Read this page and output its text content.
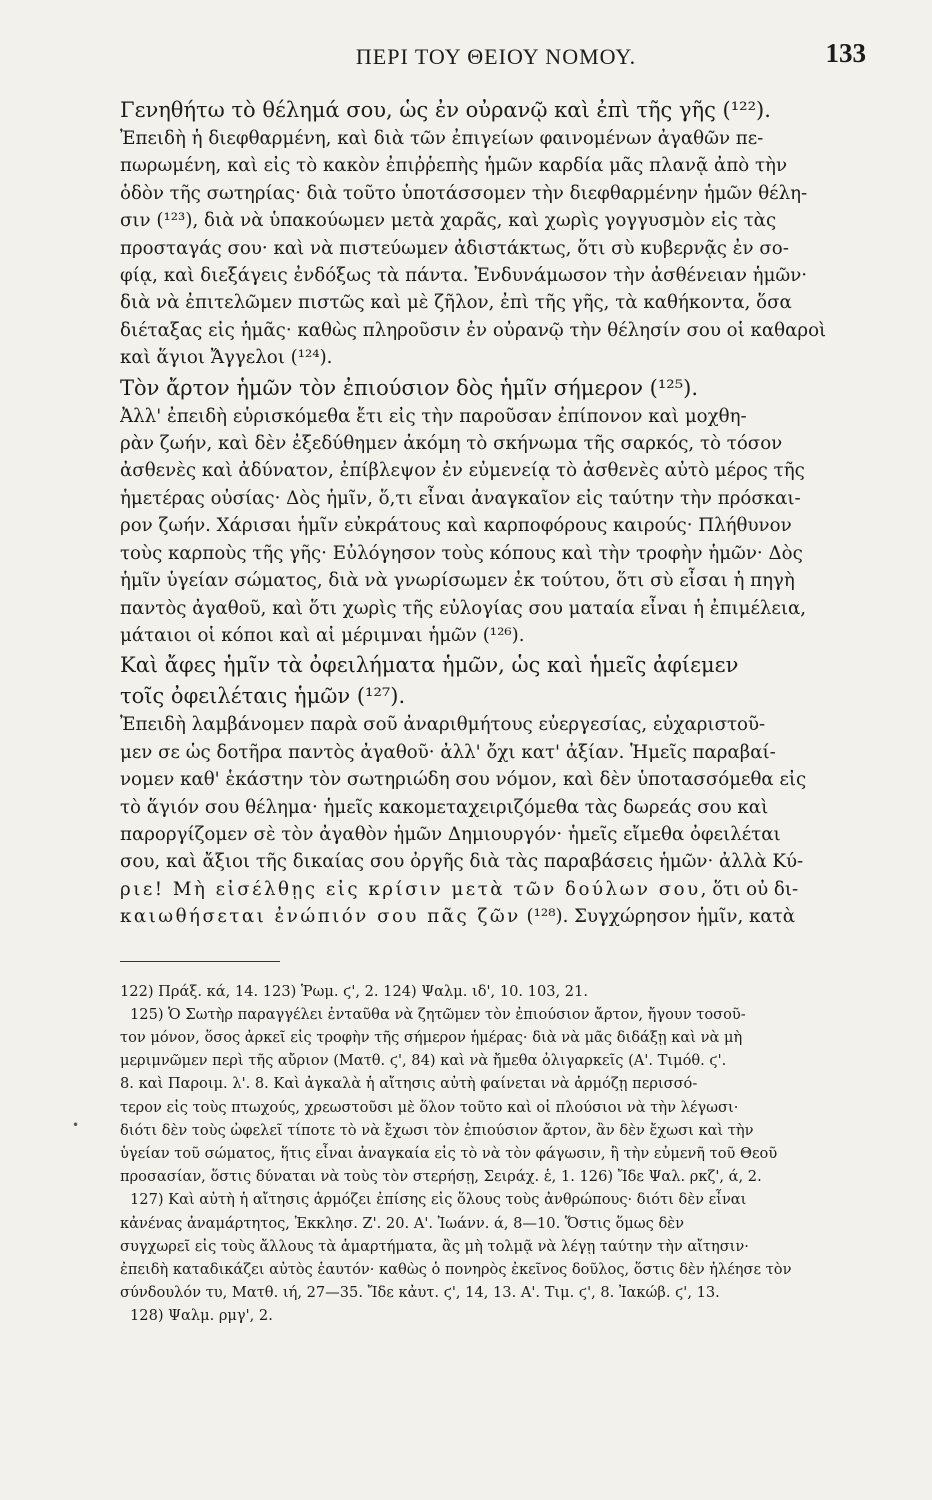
ΠΕΡΙ ΤΟΥ ΘΕΙΟΥ ΝΟΜΟΥ.	133
Γενηθήτω τὸ θέλημά σου, ὡς ἐν οὐρανῷ καὶ ἐπὶ τῆς γῆς (¹²²).
Ἐπειδὴ ἡ διεφθαρμένη, καὶ διὰ τῶν ἐπιγείων φαινομένων ἀγαθῶν πε-
πωρωμένη, καὶ εἰς τὸ κακὸν ἐπιῤῥεπὴς ἡμῶν καρδία μᾶς πλανᾷ ἀπὸ τὴν
ὁδὸν τῆς σωτηρίας· διὰ τοῦτο ὑποτάσσομεν τὴν διεφθαρμένην ἡμῶν θέλη-
σιν (¹²³), διὰ νὰ ὑπακούωμεν μετὰ χαρᾶς, καὶ χωρὶς γογγυσμὸν εἰς τὰς
προσταγάς σου· καὶ νὰ πιστεύωμεν ἀδιστάκτως, ὅτι σὺ κυβερνᾷς ἐν σο-
φίᾳ, καὶ διεξάγεις ἐνδόξως τὰ πάντα. Ἐνδυνάμωσον τὴν ἀσθένειαν ἡμῶν·
διὰ νὰ ἐπιτελῶμεν πιστῶς καὶ μὲ ζῆλον, ἐπὶ τῆς γῆς, τὰ καθήκοντα, ὅσα
διέταξας εἰς ἡμᾶς· καθὼς πληροῦσιν ἐν οὐρανῷ τὴν θέλησίν σου οἱ καθαροὶ
καὶ ἅγιοι Ἄγγελοι (¹²⁴).
Τὸν ἄρτον ἡμῶν τὸν ἐπιούσιον δὸς ἡμῖν σήμερον (¹²⁵).
Ἀλλ' ἐπειδὴ εὑρισκόμεθα ἔτι εἰς τὴν παροῦσαν ἐπίπονον καὶ μοχθη-
ρὰν ζωήν, καὶ δὲν ἐξεδύθημεν ἀκόμη τὸ σκήνωμα τῆς σαρκός, τὸ τόσον
ἀσθενὲς καὶ ἀδύνατον, ἐπίβλεψον ἐν εὐμενείᾳ τὸ ἀσθενὲς αὐτὸ μέρος τῆς
ἡμετέρας οὐσίας· Δὸς ἡμῖν, ὅ,τι εἶναι ἀναγκαῖον εἰς ταύτην τὴν πρόσκαι-
ρον ζωήν. Χάρισαι ἡμῖν εὐκράτους καὶ καρποφόρους καιρούς· Πλήθυνον
τοὺς καρποὺς τῆς γῆς· Εὐλόγησον τοὺς κόπους καὶ τὴν τροφὴν ἡμῶν· Δὸς
ἡμῖν ὑγείαν σώματος, διὰ νὰ γνωρίσωμεν ἐκ τούτου, ὅτι σὺ εἶσαι ἡ πηγὴ
παντὸς ἀγαθοῦ, καὶ ὅτι χωρὶς τῆς εὐλογίας σου ματαία εἶναι ἡ ἐπιμέλεια,
μάταιοι οἱ κόποι καὶ αἱ μέριμναι ἡμῶν (¹²⁶).
Καὶ ἄφες ἡμῖν τὰ ὀφειλήματα ἡμῶν, ὡς καὶ ἡμεῖς ἀφίεμεν
τοῖς ὀφειλέταις ἡμῶν (¹²⁷).
Ἐπειδὴ λαμβάνομεν παρὰ σοῦ ἀναριθμήτους εὐεργεσίας, εὐχαριστοῦ-
μεν σε ὡς δοτῆρα παντὸς ἀγαθοῦ· ἀλλ' ὄχι κατ' ἀξίαν. Ἡμεῖς παραβαί-
νομεν καθ' ἑκάστην τὸν σωτηριώδη σου νόμον, καὶ δὲν ὑποτασσόμεθα εἰς
τὸ ἅγιόν σου θέλημα· ἡμεῖς κακομεταχειριζόμεθα τὰς δωρεάς σου καὶ
παροργίζομεν σὲ τὸν ἀγαθὸν ἡμῶν Δημιουργόν· ἡμεῖς εἴμεθα ὀφειλέται
σου, καὶ ἄξιοι τῆς δικαίας σου ὀργῆς διὰ τὰς παραβάσεις ἡμῶν· ἀλλὰ Κύ-
ριε! Μὴ εἰσέλθῃς εἰς κρίσιν μετὰ τῶν δούλων σου, ὅτι οὐ δι-
καιωθήσεται ἐνώπιόν σου πᾶς ζῶν (¹²⁸). Συγχώρησον ἡμῖν, κατὰ
122) Πράξ. κά, 14. 123) Ῥωμ. ϛ', 2. 124) Ψαλμ. ιδ', 10. 103, 21.
125) Ὁ Σωτὴρ παραγγέλει ἐνταῦθα νὰ ζητῶμεν τὸν ἐπιούσιον ἄρτον, ἤγουν τοσοῦ-
τον μόνον, ὅσος ἀρκεῖ εἰς τροφὴν τῆς σήμερον ἡμέρας· διὰ νὰ μᾶς διδάξῃ καὶ νὰ μὴ
μεριμνῶμεν περὶ τῆς αὔριον (Ματθ. ϛ', 84) καὶ νὰ ἤμεθα ὀλιγαρκεῖς (Α'. Τιμόθ. ϛ'.
8. καὶ Παροιμ. λ'. 8. Καὶ ἀγκαλὰ ἡ αἴτησις αὐτὴ φαίνεται νὰ ἁρμόζῃ περισσό-
τερον εἰς τοὺς πτωχούς, χρεωστοῦσι μὲ ὅλον τοῦτο καὶ οἱ πλούσιοι νὰ τὴν λέγωσι·
διότι δὲν τοὺς ὠφελεῖ τίποτε τὸ νὰ ἔχωσι τὸν ἐπιούσιον ἄρτον, ἂν δὲν ἔχωσι καὶ τὴν
ὑγείαν τοῦ σώματος, ἥτις εἶναι ἀναγκαία εἰς τὸ νὰ τὸν φάγωσιν, ἢ τὴν εὐμενῆ τοῦ Θεοῦ
προσασίαν, ὅστις δύναται νὰ τοὺς τὸν στερήσῃ, Σειράχ. ἑ, 1. 126) Ἴδε Ψαλ. ρκζ', ά, 2.
127) Καὶ αὐτὴ ἡ αἴτησις ἁρμόζει ἐπίσης εἰς ὅλους τοὺς ἀνθρώπους· διότι δὲν εἶναι
κἀνένας ἀναμάρτητος, Ἐκκλησ. Ζ'. 20. Α'. Ἰωάνν. ά, 8—10. Ὅστις ὅμως δὲν
συγχωρεῖ εἰς τοὺς ἄλλους τὰ ἁμαρτήματα, ἂς μὴ τολμᾷ νὰ λέγῃ ταύτην τὴν αἴτησιν·
ἐπειδὴ καταδικάζει αὐτὸς ἑαυτόν· καθὼς ὁ πονηρὸς ἐκεῖνος δοῦλος, ὅστις δὲν ἠλέησε τὸν
σύνδουλόν τυ, Ματθ. ιή, 27—35. Ἴδε κἀυτ. ϛ', 14, 13. Α'. Τιμ. ϛ', 8. Ἰακώβ. ϛ', 13.
128) Ψαλμ. ρμγ', 2.
•
